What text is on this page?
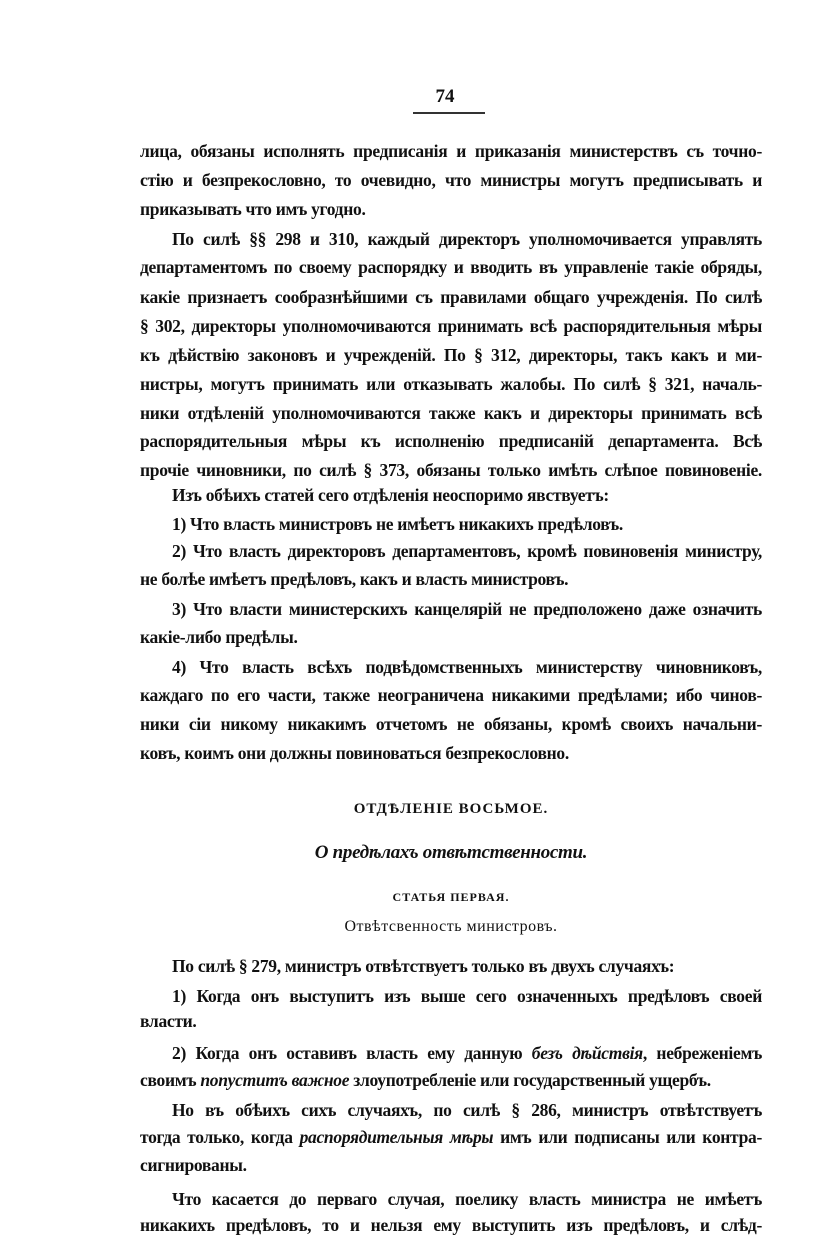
74
лица, обязаны исполнять предписанія и приказанія министерствъ съ точно-
стію и безпрекословно, то очевидно, что министры могутъ предписывать и
приказывать что имъ угодно.
По силѣ §§ 298 и 310, каждый директоръ уполномочивается управлять
департаментомъ по своему распорядку и вводить въ управленіе такіе обряды,
какіе признаетъ сообразнѣйшими съ правилами общаго учрежденія. По силѣ
§ 302, директоры уполномочиваются принимать всѣ распорядительныя мѣры
къ дѣйствію законовъ и учрежденій. По § 312, директоры, такъ какъ и ми-
нистры, могутъ принимать или отказывать жалобы. По силѣ § 321, началь-
ники отдѣленій уполномочиваются также какъ и директоры принимать всѣ
распорядительныя мѣры къ исполненію предписаній департамента. Всѣ
прочіе чиновники, по силѣ § 373, обязаны только имѣть слѣпое повиновеніе.
Изъ обѣихъ статей сего отдѣленія неоспоримо явствуетъ:
1) Что власть министровъ не имѣетъ никакихъ предѣловъ.
2) Что власть директоровъ департаментовъ, кромѣ повиновенія министру,
не болѣе имѣетъ предѣловъ, какъ и власть министровъ.
3) Что власти министерскихъ канцелярій не предположено даже означить
какіе-либо предѣлы.
4) Что власть всѣхъ подвѣдомственныхъ министерству чиновниковъ,
каждаго по его части, также неограничена никакими предѣлами; ибо чинов-
ники сіи никому никакимъ отчетомъ не обязаны, кромѣ своихъ начальни-
ковъ, коимъ они должны повиноваться безпрекословно.
ОТДѢЛЕНІЕ ВОСЬМОЕ.
О предѣлахъ отвѣтственности.
СТАТЬЯ ПЕРВАЯ.
Отвѣтсвенность министровъ.
По силѣ § 279, министръ отвѣтствуетъ только въ двухъ случаяхъ:
1) Когда онъ выступитъ изъ выше сего означенныхъ предѣловъ своей
власти.
2) Когда онъ оставивъ власть ему данную безъ дѣйствія, небреженіемъ
своимъ попуститъ важное злоупотребленіе или государственный ущербъ.
Но въ обѣихъ сихъ случаяхъ, по силѣ § 286, министръ отвѣтствуетъ
тогда только, когда распорядительныя мѣры имъ или подписаны или контра-
сигнированы.
Что касается до перваго случая, поелику власть министра не имѣетъ
никакихъ предѣловъ, то и нельзя ему выступить изъ предѣловъ, и слѣд-
